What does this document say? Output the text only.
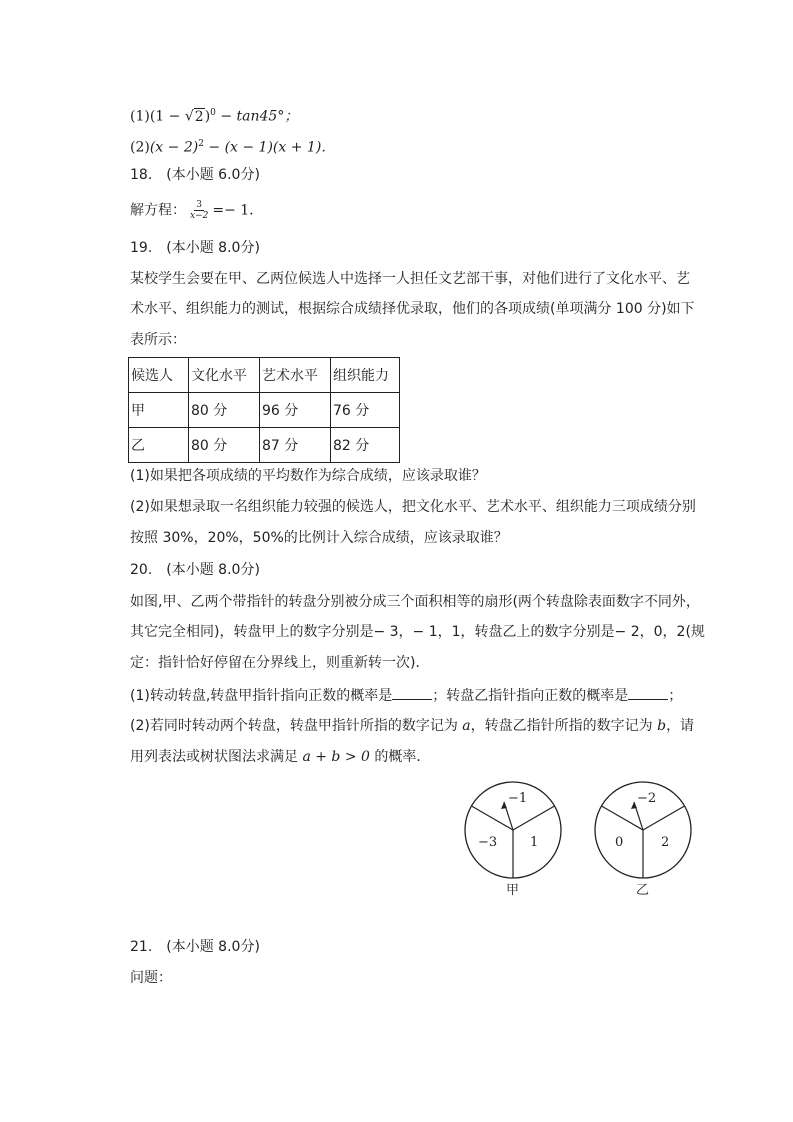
$(1)(1 - √2)^0 - \tan 45^\circ$；
$(2)(x - 2)^2 - (x - 1)(x + 1)$．
18.　(本小题 6.0分)
解方程： $\frac{3}{x-2} =- 1$．
19.　(本小题 8.0分)
某校学生会要在甲、乙两位候选人中选择一人担任文艺部干事，对他们进行了文化水平、艺
术水平、组织能力的测试，根据综合成绩择优录取，他们的各项成绩(单项满分 100 分)如下
表所示：
候选人	文化水平	艺术水平	组织能力
甲	80 分	96 分	76 分
乙	80 分	87 分	82 分
(1)如果把各项成绩的平均数作为综合成绩，应该录取谁？
(2)如果想录取一名组织能力较强的候选人，把文化水平、艺术水平、组织能力三项成绩分别
按照 30%，20%，50%的比例计入综合成绩，应该录取谁？
20.　(本小题 8.0分)
如图,甲、乙两个带指针的转盘分别被分成三个面积相等的扇形(两个转盘除表面数字不同外，
其它完全相同)，转盘甲上的数字分别是− 3，− 1，1，转盘乙上的数字分别是− 2，0，2(规
定：指针恰好停留在分界线上，则重新转一次)．
(1)转动转盘,转盘甲指针指向正数的概率是	；转盘乙指针指向正数的概率是	；
(2)若同时转动两个转盘，转盘甲指针所指的数字记为 a，转盘乙指针所指的数字记为 b，请
用列表法或树状图法求满足 a + b > 0 的概率．
−1
−3	1
甲
−2
0	2
乙
21.　(本小题 8.0分)
问题：
